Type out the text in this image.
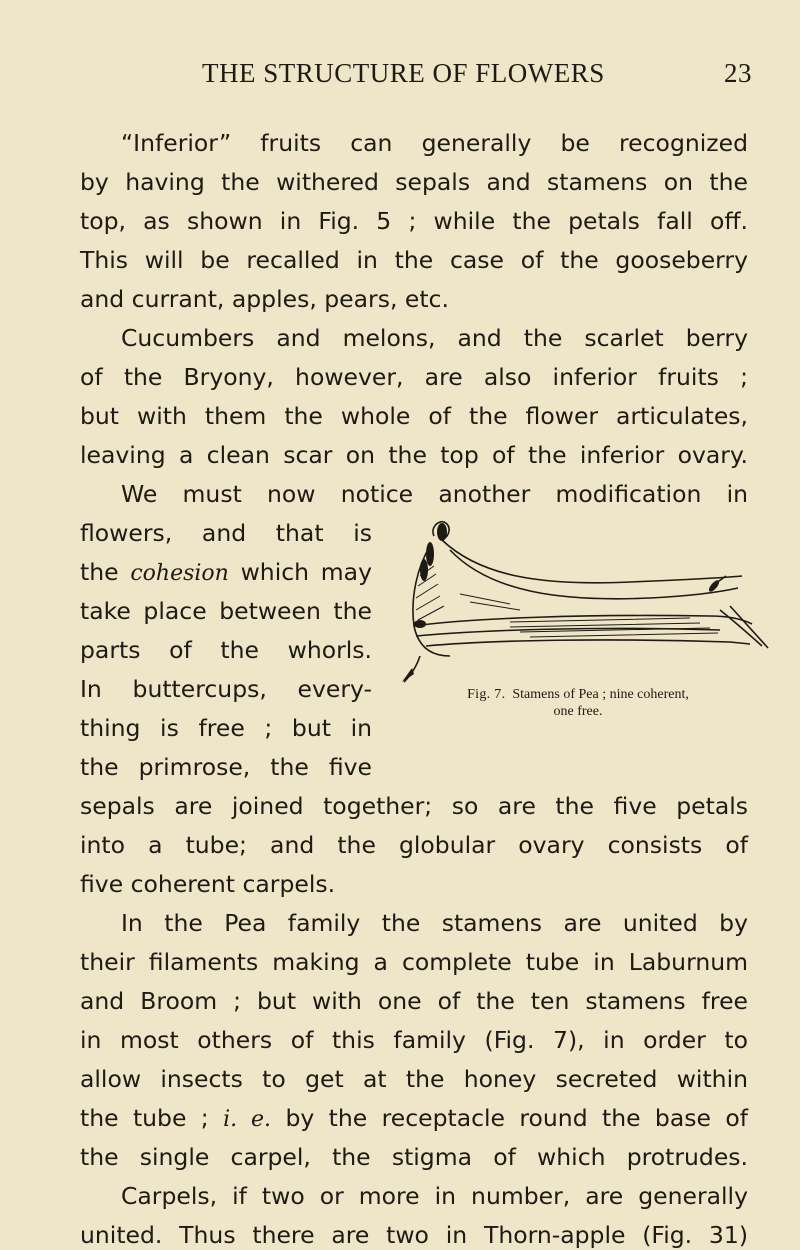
THE STRUCTURE OF FLOWERS	23
“Inferior” fruits can generally be recognized
by having the withered sepals and stamens on the
top, as shown in Fig. 5 ; while the petals fall off.
This will be recalled in the case of the gooseberry
and currant, apples, pears, etc.
Cucumbers and melons, and the scarlet berry
of the Bryony, however, are also inferior fruits ;
but with them the whole of the flower articulates,
leaving a clean scar on the top of the inferior ovary.
We must now notice another modification in
flowers, and that is
the cohesion which may
take place between the
parts of the whorls.
In buttercups, every-
thing is free ; but in
the primrose, the five
sepals are joined together; so are the five petals
into a tube; and the globular ovary consists of
five coherent carpels.
In the Pea family the stamens are united by
their filaments making a complete tube in Laburnum
and Broom ; but with one of the ten stamens free
in most others of this family (Fig. 7), in order to
allow insects to get at the honey secreted within
the tube ; i. e. by the receptacle round the base of
the single carpel, the stigma of which protrudes.
Carpels, if two or more in number, are generally
united. Thus there are two in Thorn-apple (Fig. 31)
Fig. 7. Stamens of Pea ; nine coherent,
one free.
